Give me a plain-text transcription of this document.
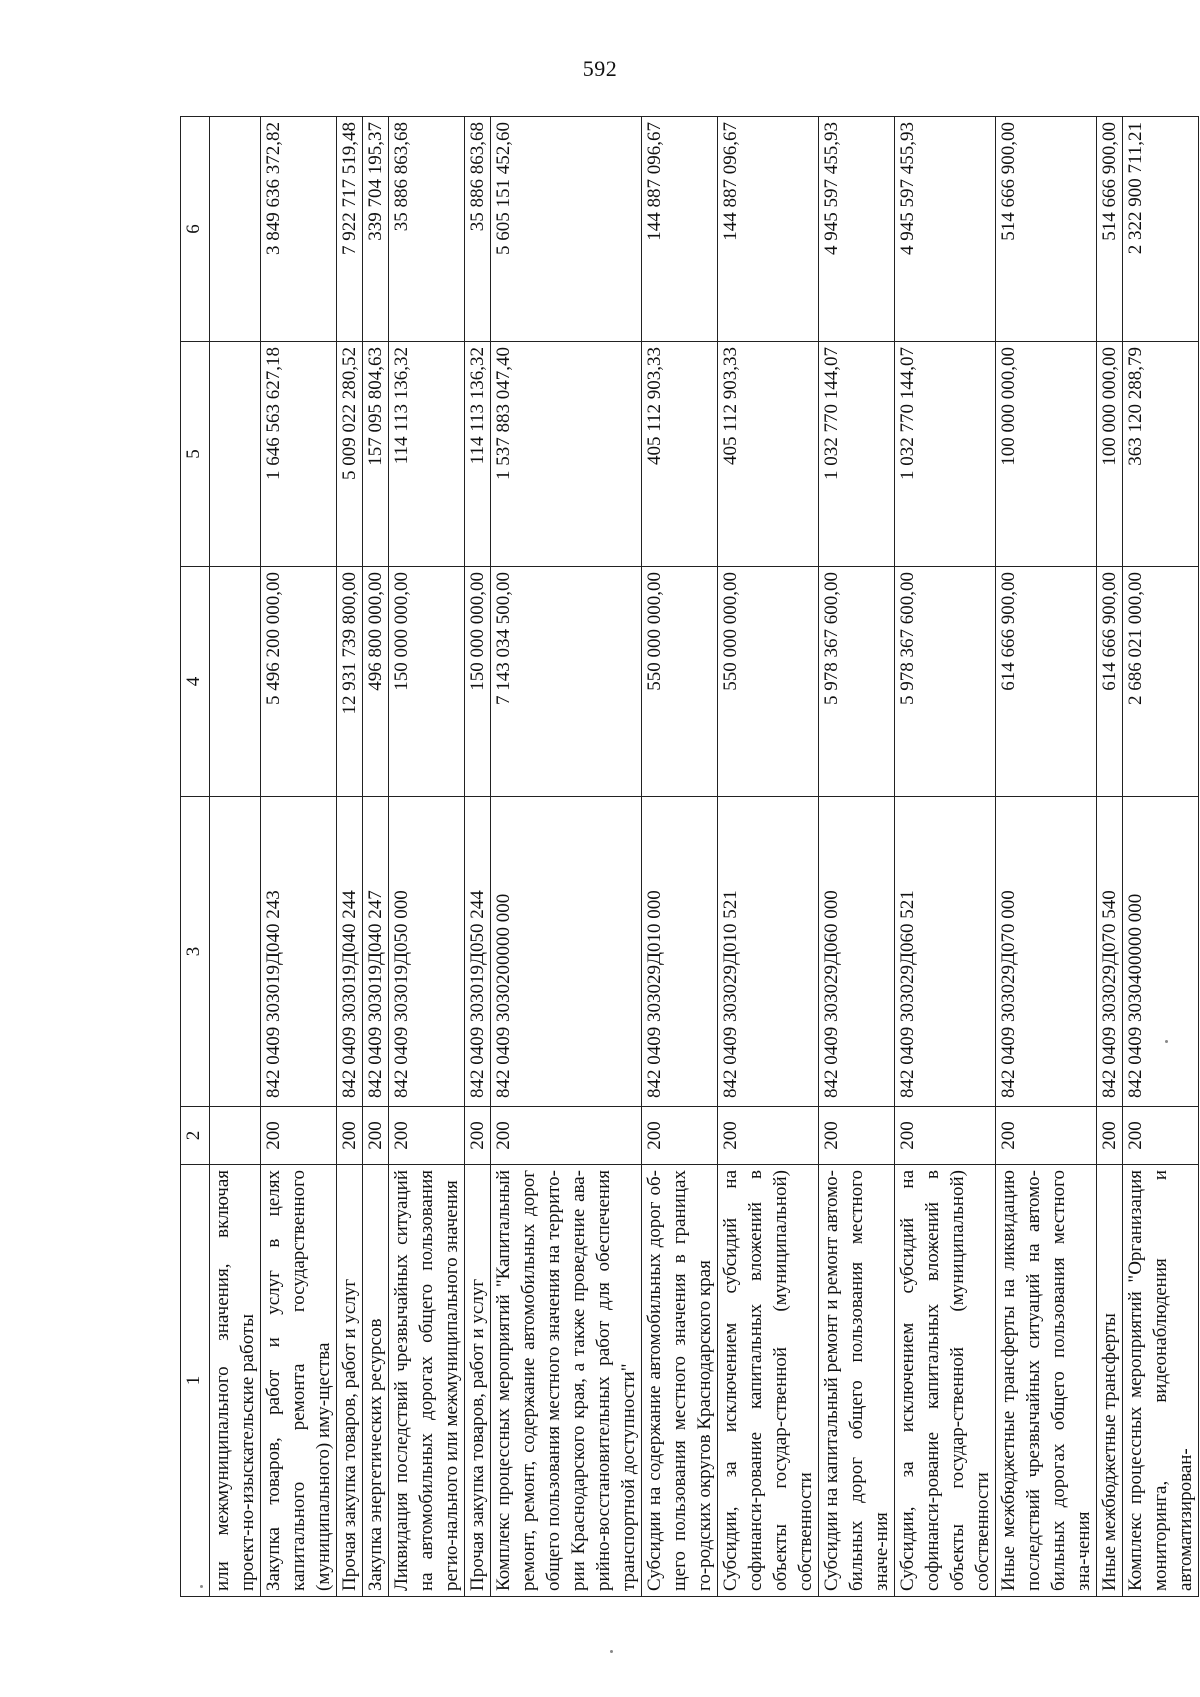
592
1	2	3	4	5	6
или межмуниципального значения, включая проект-но-изыскательские работы					
Закупка товаров, работ и услуг в целях капитального ремонта государственного (муниципального) иму-щества	200	842 0409 303019Д040 243	5 496 200 000,00	1 646 563 627,18	3 849 636 372,82
Прочая закупка товаров, работ и услуг	200	842 0409 303019Д040 244	12 931 739 800,00	5 009 022 280,52	7 922 717 519,48
Закупка энергетических ресурсов	200	842 0409 303019Д040 247	496 800 000,00	157 095 804,63	339 704 195,37
Ликвидация последствий чрезвычайных ситуаций на автомобильных дорогах общего пользования регио-нального или межмуниципального значения	200	842 0409 303019Д050 000	150 000 000,00	114 113 136,32	35 886 863,68
Прочая закупка товаров, работ и услуг	200	842 0409 303019Д050 244	150 000 000,00	114 113 136,32	35 886 863,68
Комплекс процессных мероприятий "Капитальный ремонт, ремонт, содержание автомобильных дорог общего пользования местного значения на террито-рии Краснодарского края, а также проведение ава-рийно-восстановительных работ для обеспечения транспортной доступности"	200	842 0409 3030200000 000	7 143 034 500,00	1 537 883 047,40	5 605 151 452,60
Субсидии на содержание автомобильных дорог об-щего пользования местного значения в границах го-родских округов Краснодарского края	200	842 0409 303029Д010 000	550 000 000,00	405 112 903,33	144 887 096,67
Субсидии, за исключением субсидий на софинанси-рование капитальных вложений в объекты государ-ственной (муниципальной) собственности	200	842 0409 303029Д010 521	550 000 000,00	405 112 903,33	144 887 096,67
Субсидии на капитальный ремонт и ремонт автомо-бильных дорог общего пользования местного значе-ния	200	842 0409 303029Д060 000	5 978 367 600,00	1 032 770 144,07	4 945 597 455,93
Субсидии, за исключением субсидий на софинанси-рование капитальных вложений в объекты государ-ственной (муниципальной) собственности	200	842 0409 303029Д060 521	5 978 367 600,00	1 032 770 144,07	4 945 597 455,93
Иные межбюджетные трансферты на ликвидацию последствий чрезвычайных ситуаций на автомо-бильных дорогах общего пользования местного зна-чения	200	842 0409 303029Д070 000	614 666 900,00	100 000 000,00	514 666 900,00
Иные межбюджетные трансферты	200	842 0409 303029Д070 540	614 666 900,00	100 000 000,00	514 666 900,00
Комплекс процессных мероприятий "Организация мониторинга, видеонаблюдения и автоматизирован-	200	842 0409 3030400000 000	2 686 021 000,00	363 120 288,79	2 322 900 711,21
